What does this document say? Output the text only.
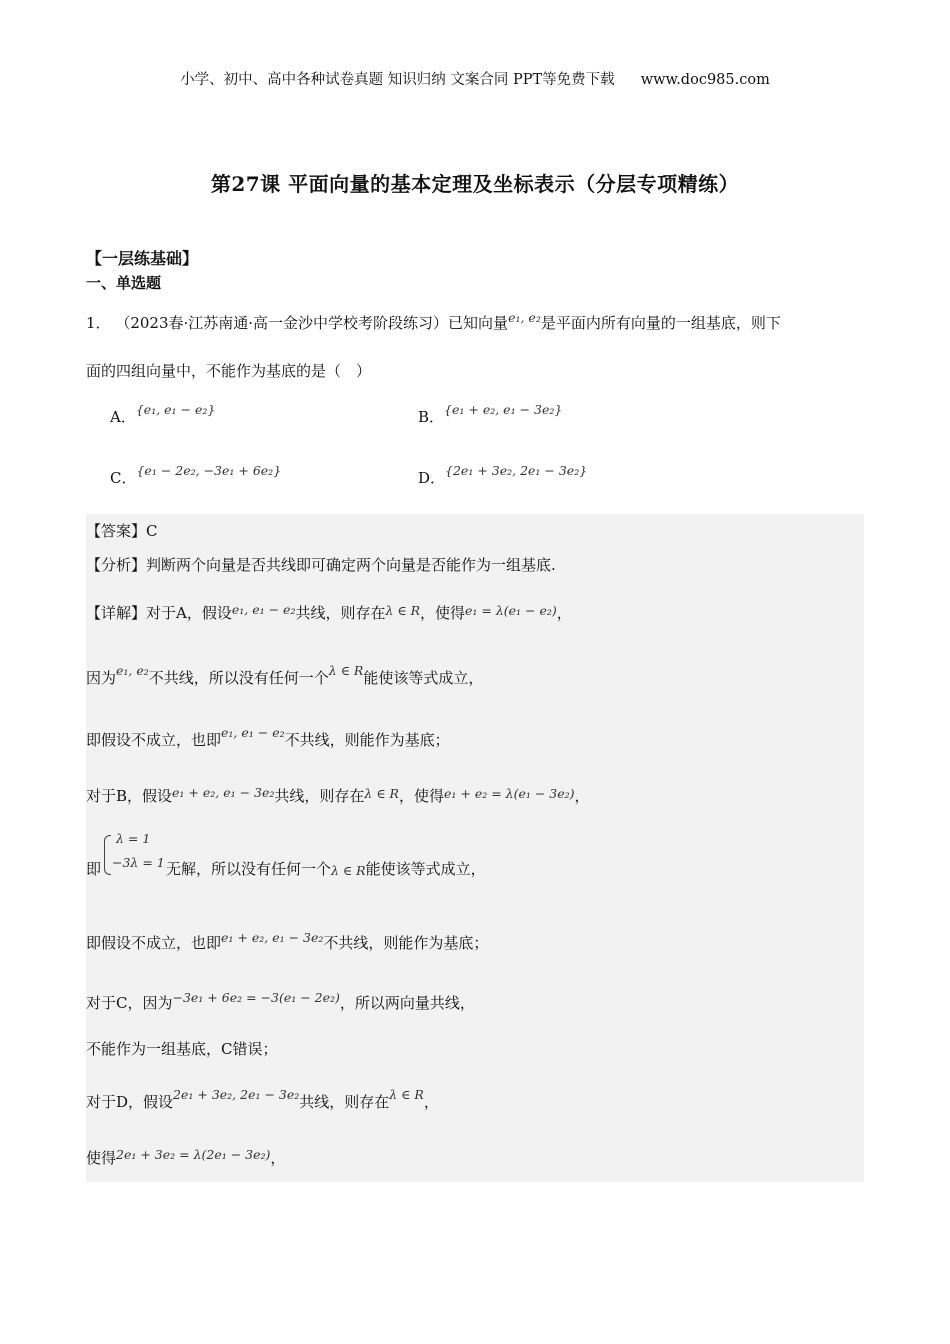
小学、初中、高中各种试卷真题 知识归纳 文案合同 PPT等免费下载 www.doc985.com
第27课 平面向量的基本定理及坐标表示（分层专项精练）
【一层练基础】
一、单选题
1． （2023春·江苏南通·高一金沙中学校考阶段练习）已知向量$^{e_1, e_2}$是平面内所有向量的一组基底，则下
面的四组向量中，不能作为基底的是（　）
A．{e₁, e₁ − e₂}	B．{e₁ + e₂, e₁ − 3e₂}
C．{e₁ − 2e₂, −3e₁ + 6e₂}	D．{2e₁ + 3e₂, 2e₁ − 3e₂}
【答案】C
【分析】判断两个向量是否共线即可确定两个向量是否能作为一组基底.
【详解】对于A，假设$^{e_1, e_1 - e_2}$共线，则存在$^{\lambda \in R}$，使得$^{e_1 = \lambda(e_1 - e_2)}$，
因为$^{e_1, e_2}$不共线，所以没有任何一个$^{\lambda \in R}$能使该等式成立，
即假设不成立，也即$^{e_1, e_1 - e_2}$不共线，则能作为基底；
对于B，假设$^{e_1 + e_2, e_1 - 3e_2}$共线，则存在$^{\lambda \in R}$，使得$^{e_1 + e_2 = \lambda(e_1 - 3e_2)}$，
即
λ = 1
−3λ = 1 无解，所以没有任何一个λ ∈ R能使该等式成立，
即假设不成立，也即$^{e_1 + e_2, e_1 - 3e_2}$不共线，则能作为基底；
对于C，因为$^{-3e_1 + 6e_2 = -3(e_1 - 2e_2)}$，所以两向量共线，
不能作为一组基底，C错误；
对于D，假设$^{2e_1 + 3e_2, 2e_1 - 3e_2}$共线，则存在$^{\lambda \in R}$，
使得$^{2e_1 + 3e_2 = \lambda(2e_1 - 3e_2)}$，
